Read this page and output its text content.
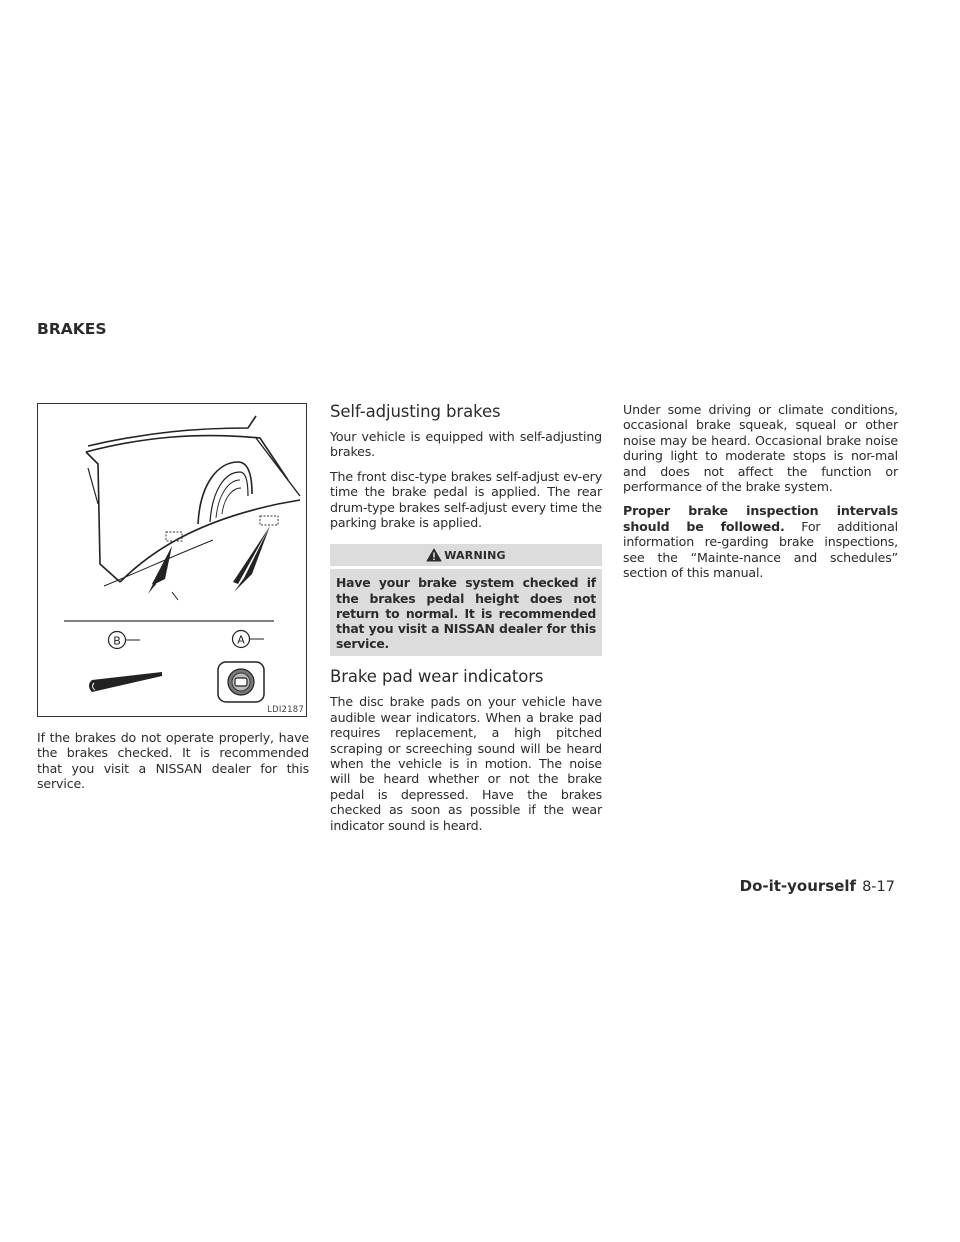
BRAKES
B	A
LDI2187

If the brakes do not operate properly, have the brakes checked. It is recommended that you visit a NISSAN dealer for this service.

Self-adjusting brakes

Your vehicle is equipped with self-adjusting brakes.

The front disc-type brakes self-adjust ev-ery time the brake pedal is applied. The rear drum-type brakes self-adjust every time the parking brake is applied.

WARNING
Have your brake system checked if the brakes pedal height does not return to normal. It is recommended that you visit a NISSAN dealer for this service.
Brake pad wear indicators

The disc brake pads on your vehicle have audible wear indicators. When a brake pad requires replacement, a high pitched scraping or screeching sound will be heard when the vehicle is in motion. The noise will be heard whether or not the brake pedal is depressed. Have the brakes checked as soon as possible if the wear indicator sound is heard.

Under some driving or climate conditions, occasional brake squeak, squeal or other noise may be heard. Occasional brake noise during light to moderate stops is nor-mal and does not affect the function or performance of the brake system.

Proper brake inspection intervals should be followed. For additional information re-garding brake inspections, see the “Mainte-nance and schedules” section of this manual.

Do-it-yourself 8-17
